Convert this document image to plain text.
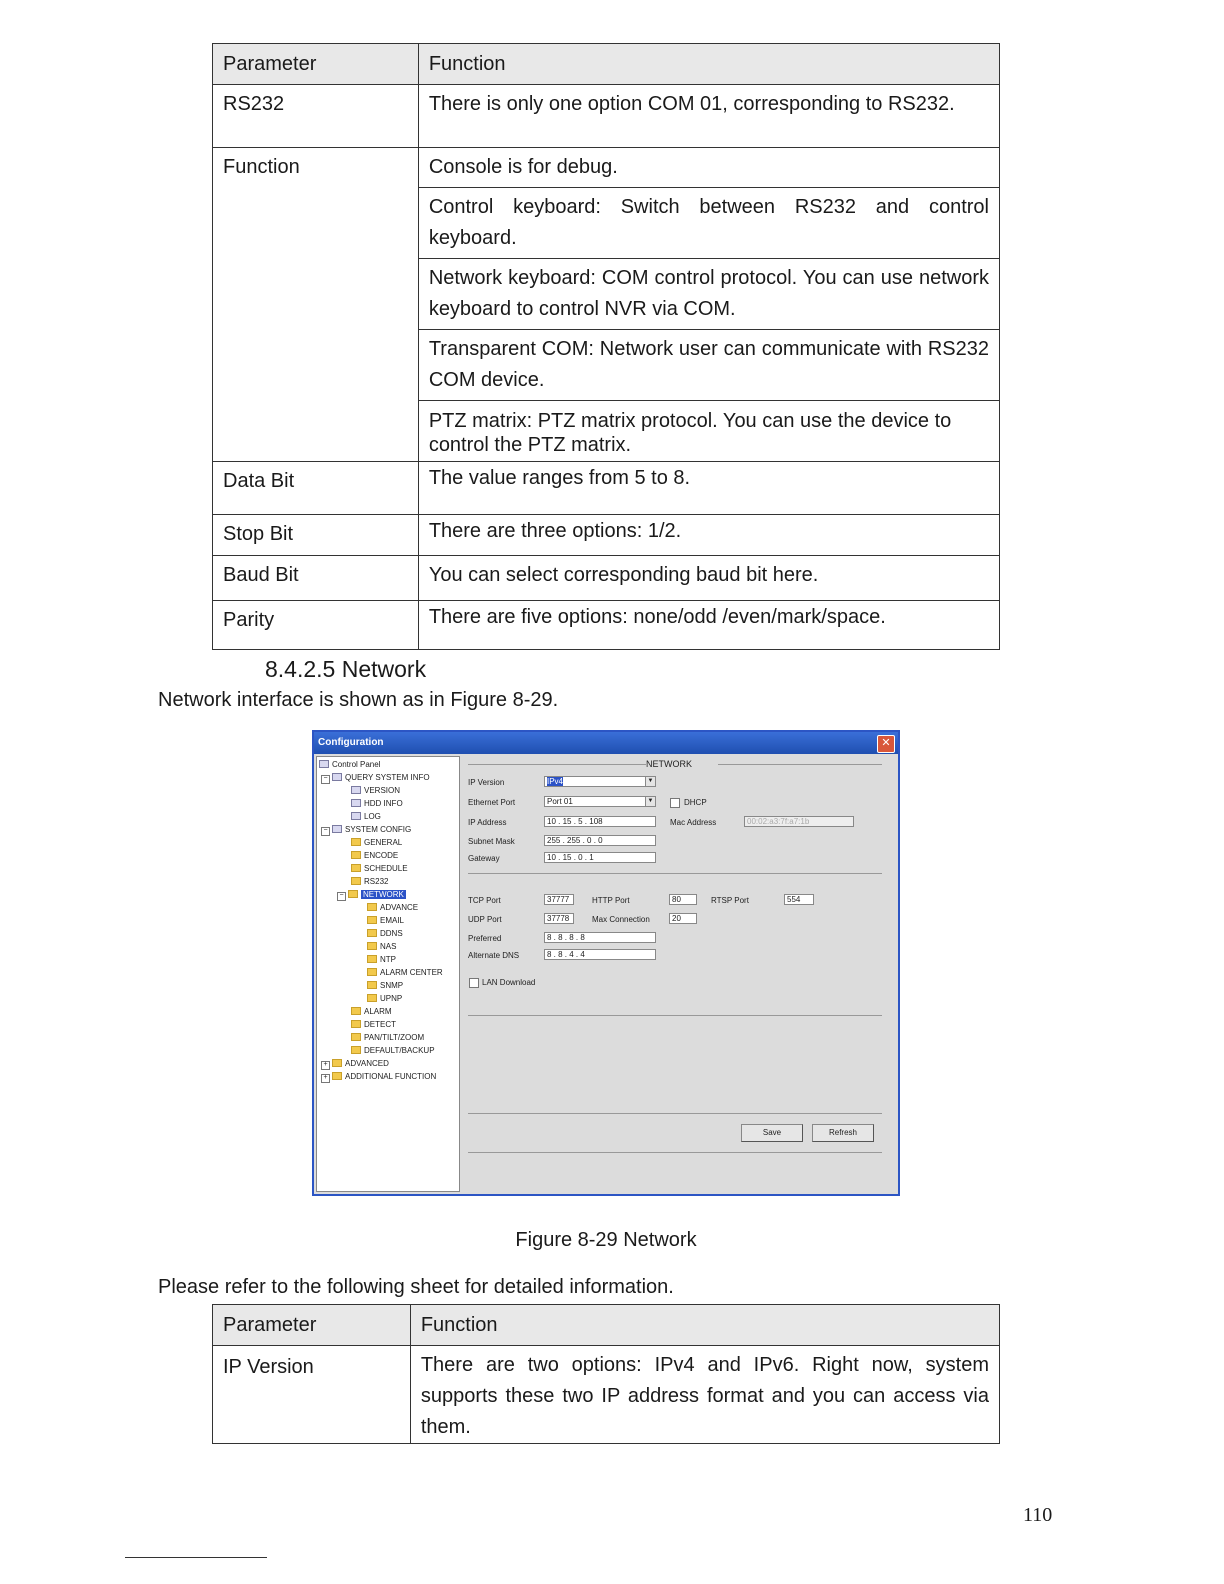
Parameter	Function
RS232	There is only one option COM 01, corresponding to RS232.
Function	Console is for debug.
Control keyboard: Switch between RS232 and control keyboard.
Network keyboard: COM control protocol. You can use network keyboard to control NVR via COM.
Transparent COM: Network user can communicate with RS232 COM device.
PTZ matrix: PTZ matrix protocol. You can use the device to control the PTZ matrix.

Data Bit	The value ranges from 5 to 8.
Stop Bit	There are three options: 1/2.
Baud Bit	You can select corresponding baud bit here.
Parity	There are five options: none/odd /even/mark/space.
8.4.2.5 Network
Network interface is shown as in Figure 8-29.
Configuration	✕
Control Panel
− QUERY SYSTEM INFO
VERSION
HDD INFO
LOG
− SYSTEM CONFIG
GENERAL
ENCODE
SCHEDULE
RS232
− NETWORK
ADVANCE
EMAIL
DDNS
NAS
NTP
ALARM CENTER
SNMP
UPNP
ALARM
DETECT
PAN/TILT/ZOOM
DEFAULT/BACKUP
+ ADVANCED
+ ADDITIONAL FUNCTION
NETWORK
IP Version	IPv4	▼
Ethernet Port	Port 01	▼	DHCP
IP Address	10 . 15 . 5 . 108	Mac Address	00:02:a3:7f:a7:1b
Subnet Mask	255 . 255 . 0 . 0
Gateway	10 . 15 . 0 . 1
TCP Port	37777	HTTP Port	80	RTSP Port	554
UDP Port	37778	Max Connection	20
Preferred	8 . 8 . 8 . 8
Alternate DNS	8 . 8 . 4 . 4
LAN Download
Save	Refresh
Figure 8-29 Network
Please refer to the following sheet for detailed information.
Parameter	Function
IP Version	There are two options: IPv4 and IPv6. Right now, system supports these two IP address format and you can access via them.
110
